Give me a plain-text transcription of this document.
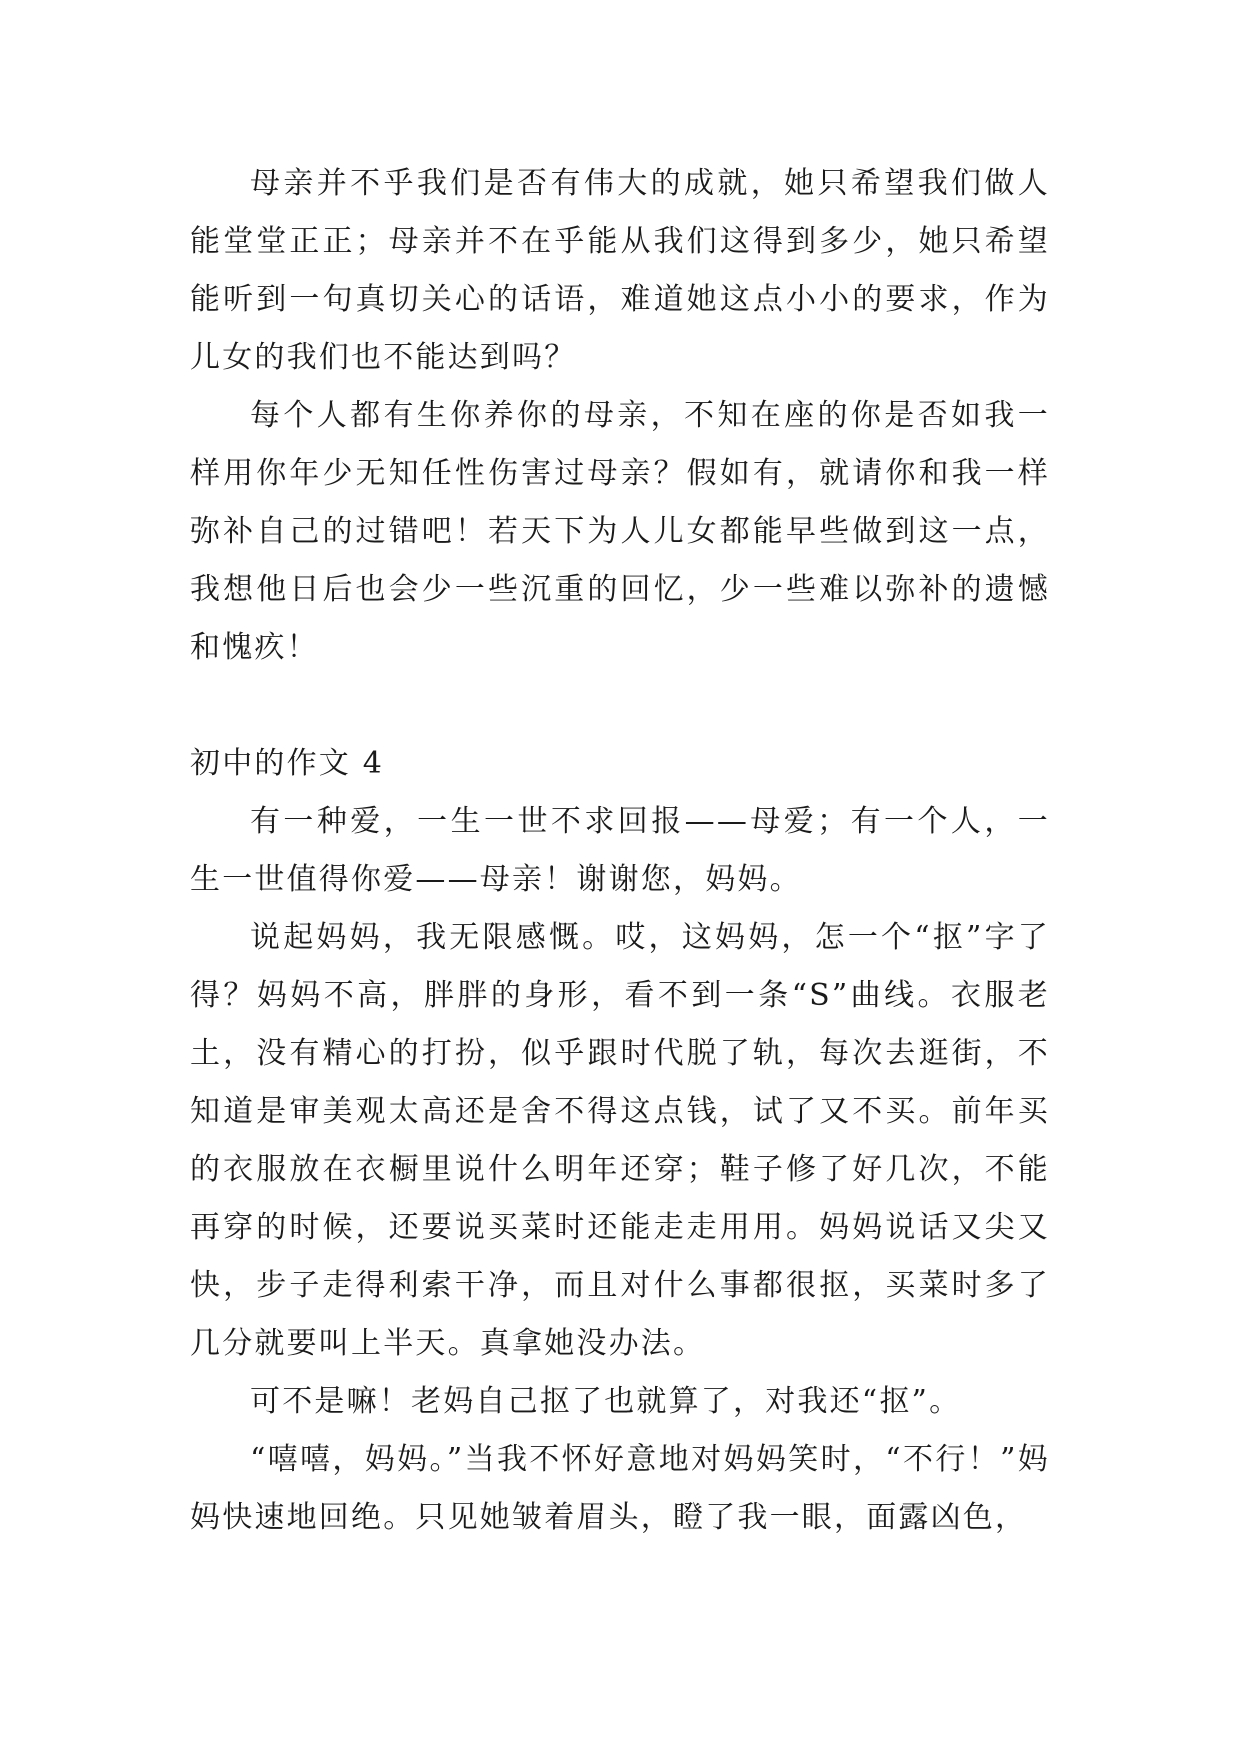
母亲并不乎我们是否有伟大的成就，她只希望我们做人能堂堂正正；母亲并不在乎能从我们这得到多少，她只希望能听到一句真切关心的话语，难道她这点小小的要求，作为儿女的我们也不能达到吗？

每个人都有生你养你的母亲，不知在座的你是否如我一样用你年少无知任性伤害过母亲？假如有，就请你和我一样弥补自己的过错吧！若天下为人儿女都能早些做到这一点，我想他日后也会少一些沉重的回忆，少一些难以弥补的遗憾和愧疚！

初中的作文 4

有一种爱，一生一世不求回报——母爱；有一个人，一生一世值得你爱——母亲！谢谢您，妈妈。

说起妈妈，我无限感慨。哎，这妈妈，怎一个“抠”字了得？妈妈不高，胖胖的身形，看不到一条“S”曲线。衣服老土，没有精心的打扮，似乎跟时代脱了轨，每次去逛街，不知道是审美观太高还是舍不得这点钱，试了又不买。前年买的衣服放在衣橱里说什么明年还穿；鞋子修了好几次，不能再穿的时候，还要说买菜时还能走走用用。妈妈说话又尖又快，步子走得利索干净，而且对什么事都很抠，买菜时多了几分就要叫上半天。真拿她没办法。

可不是嘛！老妈自己抠了也就算了，对我还“抠”。

“嘻嘻，妈妈。”当我不怀好意地对妈妈笑时，“不行！”妈妈快速地回绝。只见她皱着眉头，瞪了我一眼，面露凶色，
